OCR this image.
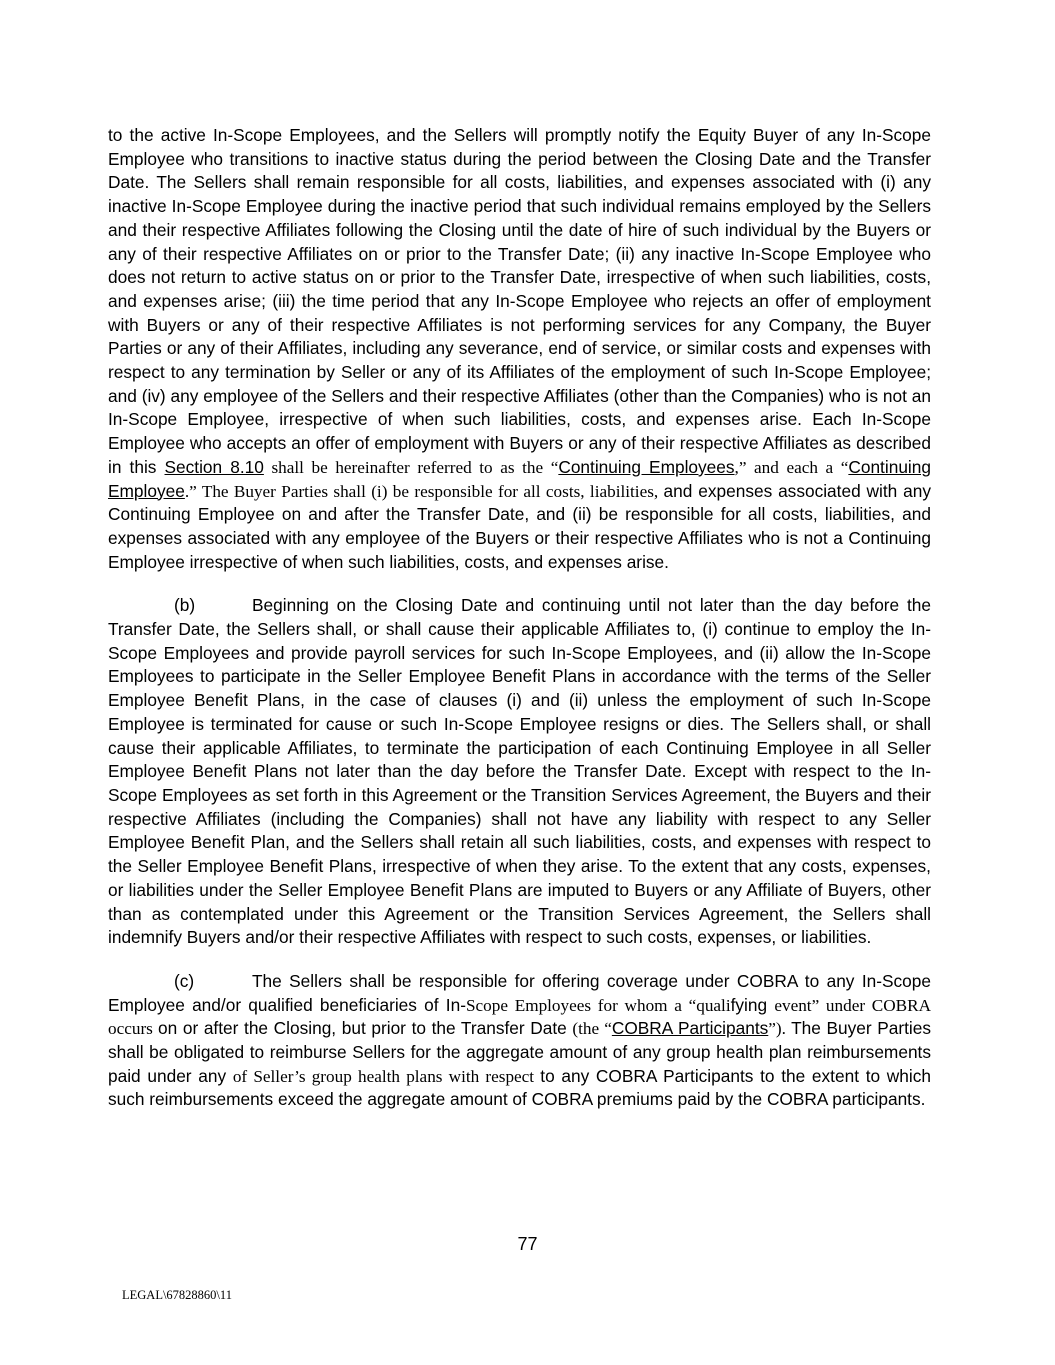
to the active In-Scope Employees, and the Sellers will promptly notify the Equity Buyer of any In-Scope Employee who transitions to inactive status during the period between the Closing Date and the Transfer Date. The Sellers shall remain responsible for all costs, liabilities, and expenses associated with (i) any inactive In-Scope Employee during the inactive period that such individual remains employed by the Sellers and their respective Affiliates following the Closing until the date of hire of such individual by the Buyers or any of their respective Affiliates on or prior to the Transfer Date; (ii) any inactive In-Scope Employee who does not return to active status on or prior to the Transfer Date, irrespective of when such liabilities, costs, and expenses arise; (iii) the time period that any In-Scope Employee who rejects an offer of employment with Buyers or any of their respective Affiliates is not performing services for any Company, the Buyer Parties or any of their Affiliates, including any severance, end of service, or similar costs and expenses with respect to any termination by Seller or any of its Affiliates of the employment of such In-Scope Employee; and (iv) any employee of the Sellers and their respective Affiliates (other than the Companies) who is not an In-Scope Employee, irrespective of when such liabilities, costs, and expenses arise. Each In-Scope Employee who accepts an offer of employment with Buyers or any of their respective Affiliates as described in this Section 8.10 shall be hereinafter referred to as the “Continuing Employees,” and each a “Continuing Employee.” The Buyer Parties shall (i) be responsible for all costs, liabilities, and expenses associated with any Continuing Employee on and after the Transfer Date, and (ii) be responsible for all costs, liabilities, and expenses associated with any employee of the Buyers or their respective Affiliates who is not a Continuing Employee irrespective of when such liabilities, costs, and expenses arise.

(b)	Beginning on the Closing Date and continuing until not later than the day before the Transfer Date, the Sellers shall, or shall cause their applicable Affiliates to, (i) continue to employ the In-Scope Employees and provide payroll services for such In-Scope Employees, and (ii) allow the In-Scope Employees to participate in the Seller Employee Benefit Plans in accordance with the terms of the Seller Employee Benefit Plans, in the case of clauses (i) and (ii) unless the employment of such In-Scope Employee is terminated for cause or such In-Scope Employee resigns or dies. The Sellers shall, or shall cause their applicable Affiliates, to terminate the participation of each Continuing Employee in all Seller Employee Benefit Plans not later than the day before the Transfer Date. Except with respect to the In- Scope Employees as set forth in this Agreement or the Transition Services Agreement, the Buyers and their respective Affiliates (including the Companies) shall not have any liability with respect to any Seller Employee Benefit Plan, and the Sellers shall retain all such liabilities, costs, and expenses with respect to the Seller Employee Benefit Plans, irrespective of when they arise. To the extent that any costs, expenses, or liabilities under the Seller Employee Benefit Plans are imputed to Buyers or any Affiliate of Buyers, other than as contemplated under this Agreement or the Transition Services Agreement, the Sellers shall indemnify Buyers and/or their respective Affiliates with respect to such costs, expenses, or liabilities.

(c)	The Sellers shall be responsible for offering coverage under COBRA to any In-Scope Employee and/or qualified beneficiaries of In-Scope Employees for whom a “qualifying event” under COBRA occurs on or after the Closing, but prior to the Transfer Date (the “COBRA Participants”). The Buyer Parties shall be obligated to reimburse Sellers for the aggregate amount of any group health plan reimbursements paid under any of Seller’s group health plans with respect to any COBRA Participants to the extent to which such reimbursements exceed the aggregate amount of COBRA premiums paid by the COBRA participants.

77
LEGAL\67828860\11
